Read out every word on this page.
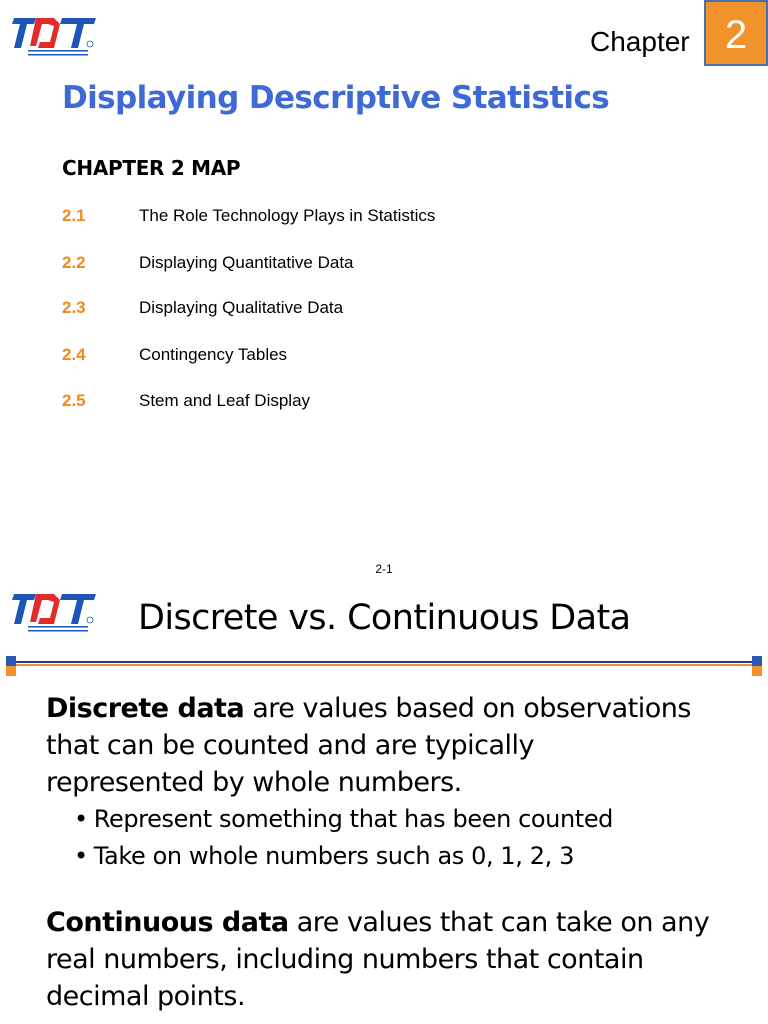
Chapter 2
Displaying Descriptive Statistics
CHAPTER 2 MAP
2.1	The Role Technology Plays in Statistics
2.2	Displaying Quantitative Data
2.3	Displaying Qualitative Data
2.4	Contingency Tables
2.5	Stem and Leaf Display
2-1
Discrete vs. Continuous Data
Discrete data are values based on observations
that can be counted and are typically
represented by whole numbers.
• Represent something that has been counted
• Take on whole numbers such as 0, 1, 2, 3
Continuous data are values that can take on any
real numbers, including numbers that contain
decimal points.
